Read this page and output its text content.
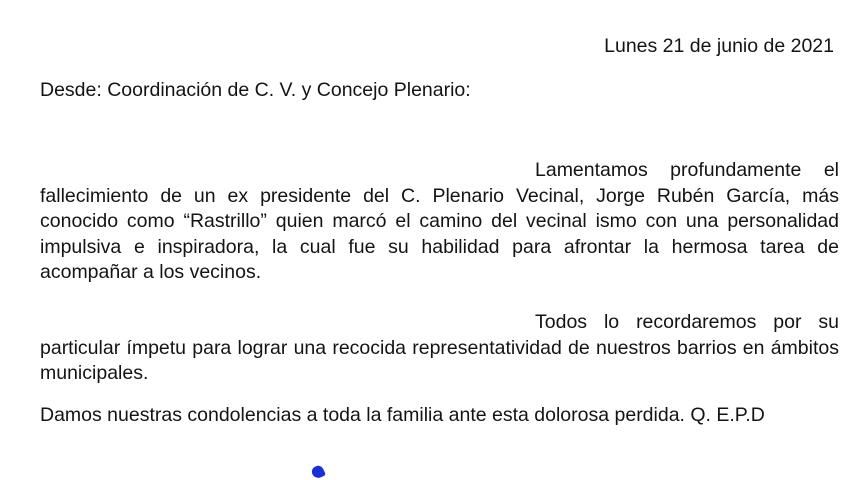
Lunes 21 de junio de 2021
Desde: Coordinación de C. V. y Concejo Plenario:

Lamentamos profundamente el fallecimiento de un ex presidente del C. Plenario Vecinal, Jorge Rubén García, más conocido como “Rastrillo” quien marcó el camino del vecinal ismo con una personalidad impulsiva e inspiradora, la cual fue su habilidad para afrontar la hermosa tarea de acompañar a los vecinos.

Todos lo recordaremos por su particular ímpetu para lograr una recocida representatividad de nuestros barrios en ámbitos municipales.

Damos nuestras condolencias a toda la familia ante esta dolorosa perdida. Q. E.P.D
